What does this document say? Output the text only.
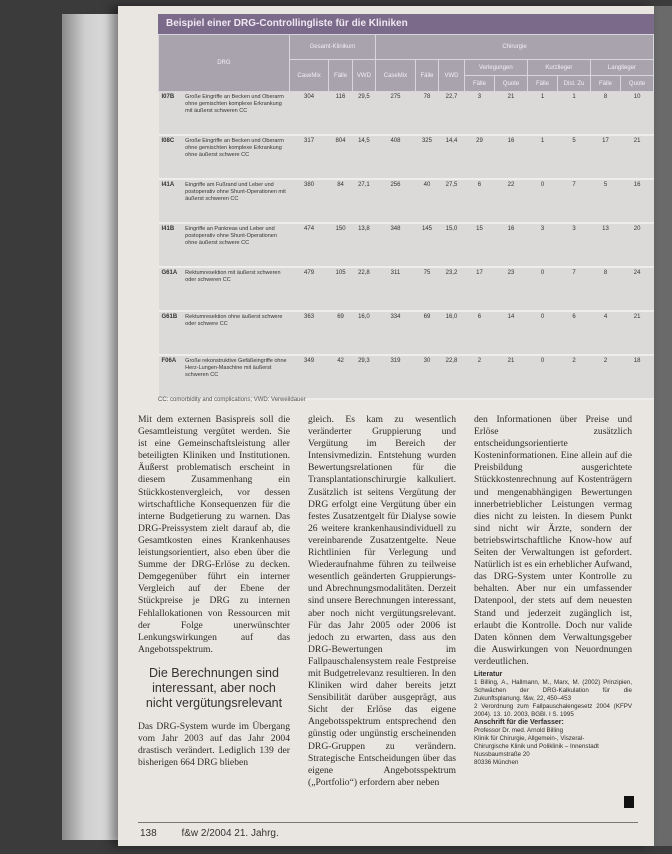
Beispiel einer DRG-Controllingliste für die Kliniken
DRG		Gesamt-Klinikum			Chirurgie								
		CaseMix	Fälle	VWD	CaseMix	Fälle	VWD	Verlegungen		Kurzlieger		Langlieger	
								Fälle	Quote	Fälle	Dist. Zu	Fälle	Quote
I07B	Große Eingriffe an Becken und Oberarm ohne gemischten komplexe Erkrankung mit äußerst schweren CC	304	116	29,5	275	78	22,7	3	21	1	1	8	10
I08C	Große Eingriffe an Becken und Oberarm ohne gemischten komplexe Erkrankung ohne äußerst schwere CC	317	804	14,5	408	325	14,4	29	16	1	5	17	21
I41A	Eingriffe am Fußrand und Leber und postoperativ ohne Shunt-Operationen mit äußerst schweren CC	380	84	27,1	256	40	27,5	6	22	0	7	5	16
I41B	Eingriffe an Pankreas und Leber und postoperativ ohne Shunt-Operationen ohne äußerst schwere CC	474	150	13,8	348	145	15,0	15	16	3	3	13	20
G61A	Rektumresektion mit äußerst schweren oder schweren CC	479	105	22,8	311	75	23,2	17	23	0	7	8	24
G61B	Rektumresektion ohne äußerst schwere oder schwere CC	363	69	16,0	334	69	16,0	6	14	0	6	4	21
F06A	Große rekonstruktive Gefäßeingriffe ohne Herz-Lungen-Maschine mit äußerst schweren CC	349	42	29,3	319	30	22,8	2	21	0	2	2	18
CC: comorbidity and complications; VWD: Verweildauer

Mit dem externen Basispreis soll die Gesamtleistung vergütet werden. Sie ist eine Gemeinschaftsleistung aller beteiligten Kliniken und Institutionen. Äußerst problematisch erscheint in diesem Zusammenhang ein Stückkostenvergleich, vor dessen wirtschaftliche Konsequenzen für die interne Budgetierung zu warnen. Das DRG-Preissystem zielt darauf ab, die Gesamtkosten eines Krankenhauses leistungsorientiert, also eben über die Summe der DRG-Erlöse zu decken. Demgegenüber führt ein interner Vergleich auf der Ebene der Stückpreise je DRG zu internen Fehlallokationen von Ressourcen mit der Folge unerwünschter Lenkungswirkungen auf das Angebotsspektrum.

Die Berechnungen sind interessant, aber noch nicht vergütungsrelevant

Das DRG-System wurde im Übergang vom Jahr 2003 auf das Jahr 2004 drastisch verändert. Lediglich 139 der bisherigen 664 DRG blieben

gleich. Es kam zu wesentlich veränderter Gruppierung und Vergütung im Bereich der Intensivmedizin. Entstehung wurden Bewertungsrelationen für die Transplantationschirurgie kalkuliert. Zusätzlich ist seitens Vergütung der DRG erfolgt eine Vergütung über ein festes Zusatzentgelt für Dialyse sowie 26 weitere krankenhausindividuell zu vereinbarende Zusatzentgelte. Neue Richtlinien für Verlegung und Wiederaufnahme führen zu teilweise wesentlich geänderten Gruppierungs- und Abrechnungsmodalitäten. Derzeit sind unsere Berechnungen interessant, aber noch nicht vergütungsrelevant. Für das Jahr 2005 oder 2006 ist jedoch zu erwarten, dass aus den DRG-Bewertungen im Fallpauschalensystem reale Festpreise mit Budgetrelevanz resultieren. In den Kliniken wird daher bereits jetzt Sensibilität darüber ausgeprägt, aus Sicht der Erlöse das eigene Angebotsspektrum entsprechend den günstig oder ungünstig erscheinenden DRG-Gruppen zu verändern. Strategische Entscheidungen über das eigene Angebotsspektrum („Portfolio“) erfordern aber neben

den Informationen über Preise und Erlöse zusätzlich entscheidungsorientierte Kosteninformationen. Eine allein auf die Preisbildung ausgerichtete Stückkostenrechnung auf Kostenträgern und mengenabhängigen Bewertungen innerbetrieblicher Leistungen vermag dies nicht zu leisten. In diesem Punkt sind nicht wir Ärzte, sondern der betriebswirtschaftliche Know-how auf Seiten der Verwaltungen ist gefordert. Natürlich ist es ein erheblicher Aufwand, das DRG-System unter Kontrolle zu behalten. Aber nur ein umfassender Datenpool, der stets auf dem neuesten Stand und jederzeit zugänglich ist, erlaubt die Kontrolle. Doch nur valide Daten können dem Verwaltungsgeber die Auswirkungen von Neuordnungen verdeutlichen.

Literatur
1 Billing, A., Hallmann, M., Marx, M. (2002) Prinzipien, Schwächen der DRG-Kalkulation für die Zukunftsplanung. f&w, 22, 450–453
2 Verordnung zum Fallpauschalengesetz 2004 (KFPV 2004). 13. 10. 2003, BGBl. I S. 1995
Anschrift für die Verfasser:
Professor Dr. med. Arnold Billing
Klinik für Chirurgie, Allgemein-, Viszeral-
Chirurgische Klinik und Poliklinik – Innenstadt
Nussbaumstraße 20
80336 München
138 f&w 2/2004 21. Jahrg.
